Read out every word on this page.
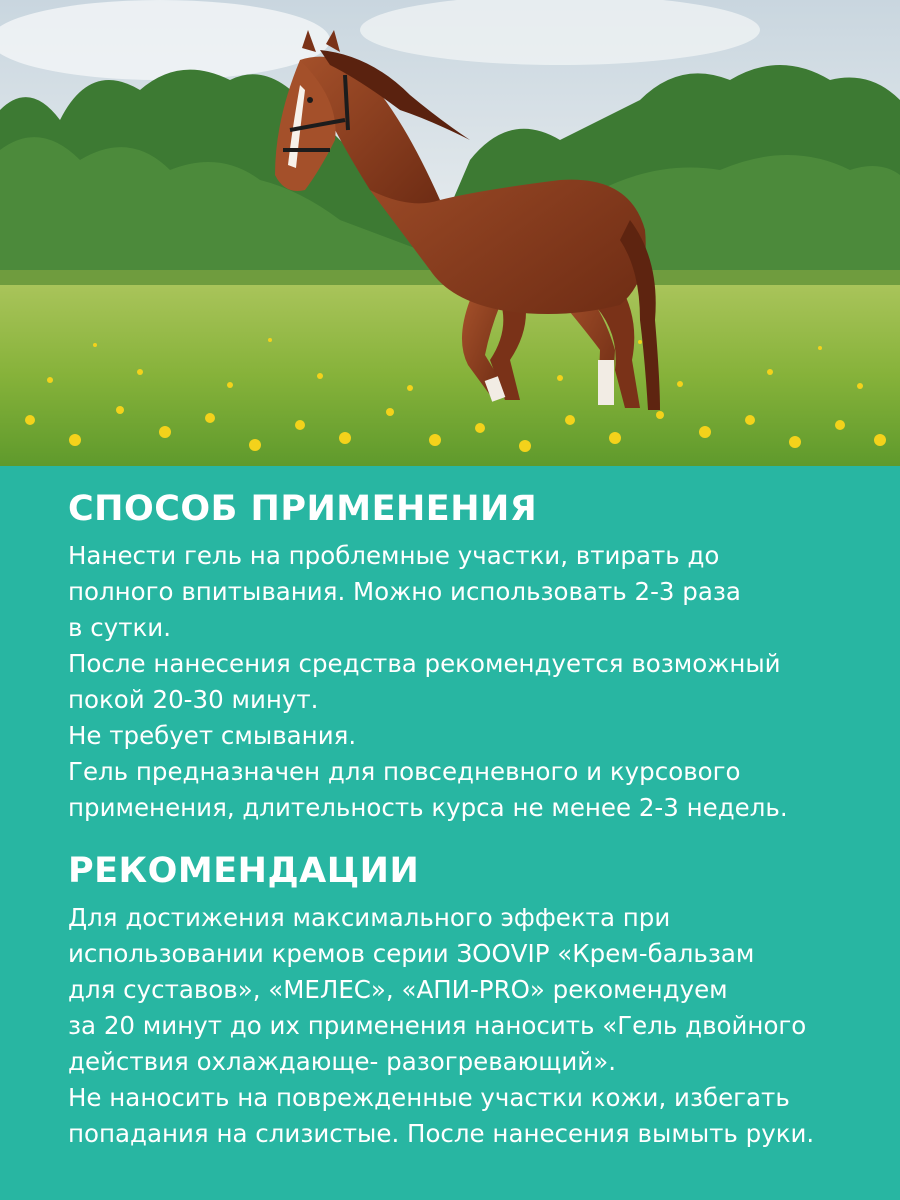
СПОСОБ ПРИМЕНЕНИЯ

Нанести гель на проблемные участки, втирать до

полного впитывания. Можно использовать 2-3 раза

в сутки.

После нанесения средства рекомендуется возможный

покой 20-30 минут.

Не требует смывания.

Гель предназначен для повседневного и курсового

применения, длительность курса не менее 2-3 недель.

РЕКОМЕНДАЦИИ

Для достижения максимального эффекта при

использовании кремов серии ЗООVIP «Крем-бальзам

для суставов», «МЕЛЕС», «АПИ-PRO» рекомендуем

за 20 минут до их применения наносить «Гель двойного

действия охлаждающе- разогревающий».

Не наносить на поврежденные участки кожи, избегать

попадания на слизистые. После нанесения вымыть руки.
